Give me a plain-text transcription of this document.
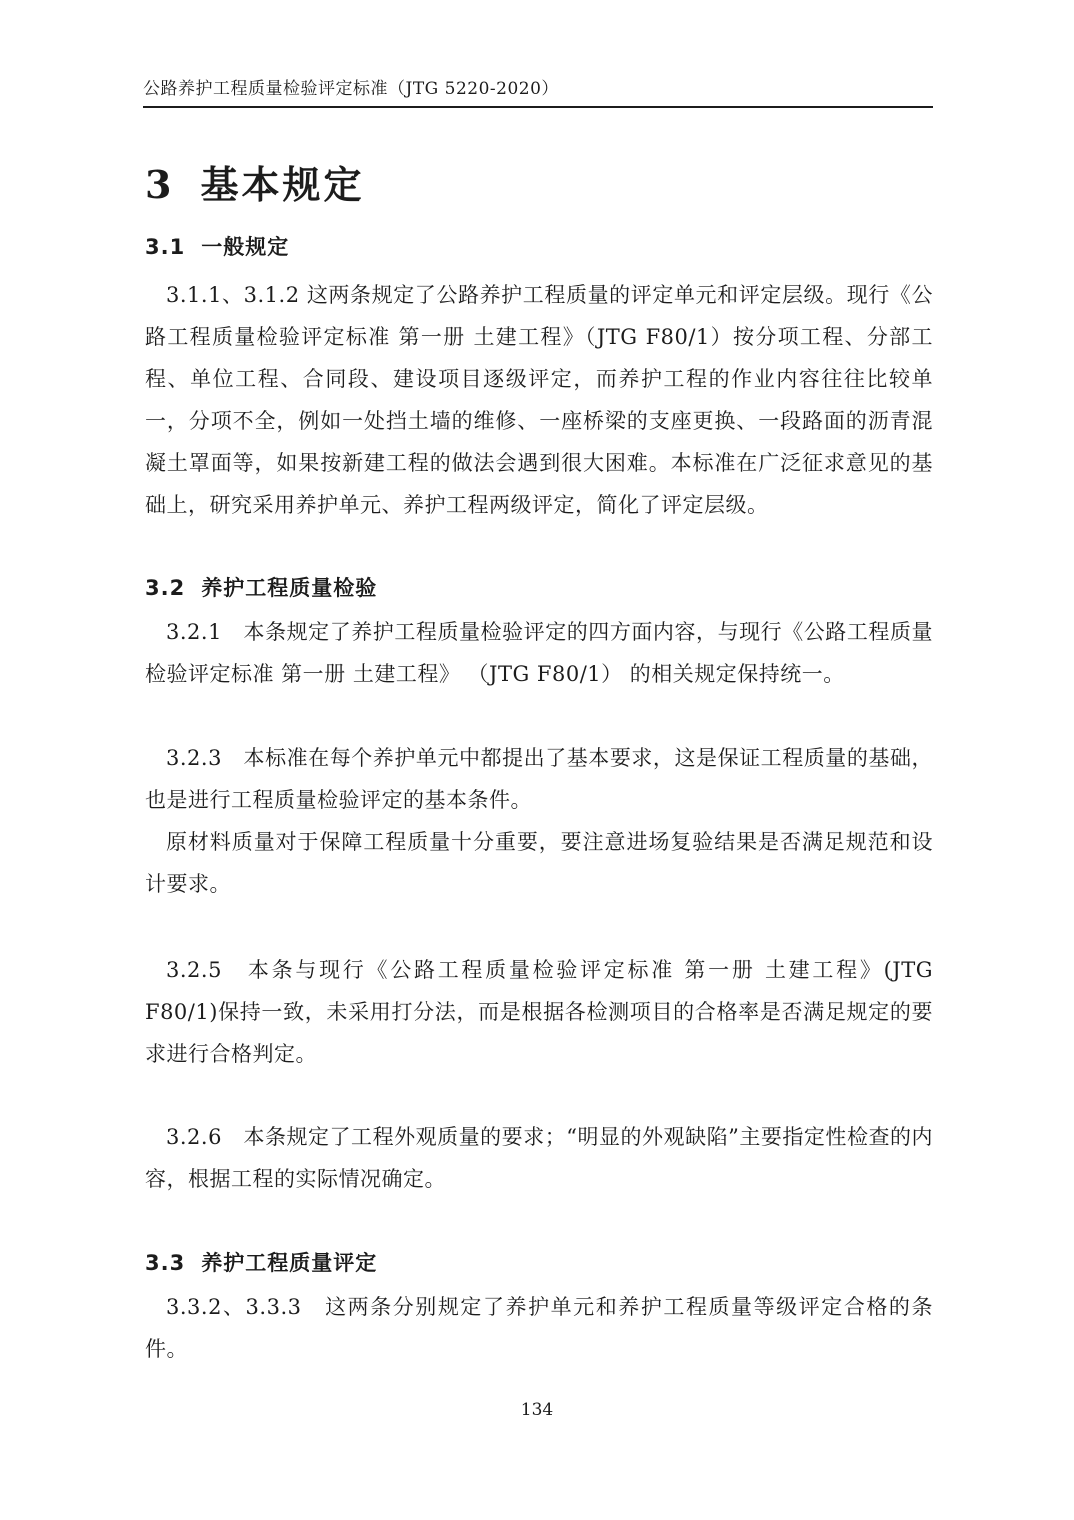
公路养护工程质量检验评定标准（JTG 5220-2020）
3 基本规定
3.1 一般规定
3.1.1、3.1.2 这两条规定了公路养护工程质量的评定单元和评定层级。现行《公路工程质量检验评定标准 第一册 土建工程》（JTG F80/1）按分项工程、分部工程、单位工程、合同段、建设项目逐级评定，而养护工程的作业内容往往比较单一，分项不全，例如一处挡土墙的维修、一座桥梁的支座更换、一段路面的沥青混凝土罩面等，如果按新建工程的做法会遇到很大困难。本标准在广泛征求意见的基础上，研究采用养护单元、养护工程两级评定，简化了评定层级。
3.2 养护工程质量检验
3.2.1　本条规定了养护工程质量检验评定的四方面内容，与现行《公路工程质量检验评定标准 第一册 土建工程》 （JTG F80/1） 的相关规定保持统一。
3.2.3　本标准在每个养护单元中都提出了基本要求，这是保证工程质量的基础，也是进行工程质量检验评定的基本条件。
原材料质量对于保障工程质量十分重要，要注意进场复验结果是否满足规范和设计要求。
3.2.5　本条与现行《公路工程质量检验评定标准 第一册 土建工程》(JTG F80/1)保持一致，未采用打分法，而是根据各检测项目的合格率是否满足规定的要求进行合格判定。
3.2.6　本条规定了工程外观质量的要求；“明显的外观缺陷”主要指定性检查的内容，根据工程的实际情况确定。
3.3 养护工程质量评定
3.3.2、3.3.3　这两条分别规定了养护单元和养护工程质量等级评定合格的条件。
134
